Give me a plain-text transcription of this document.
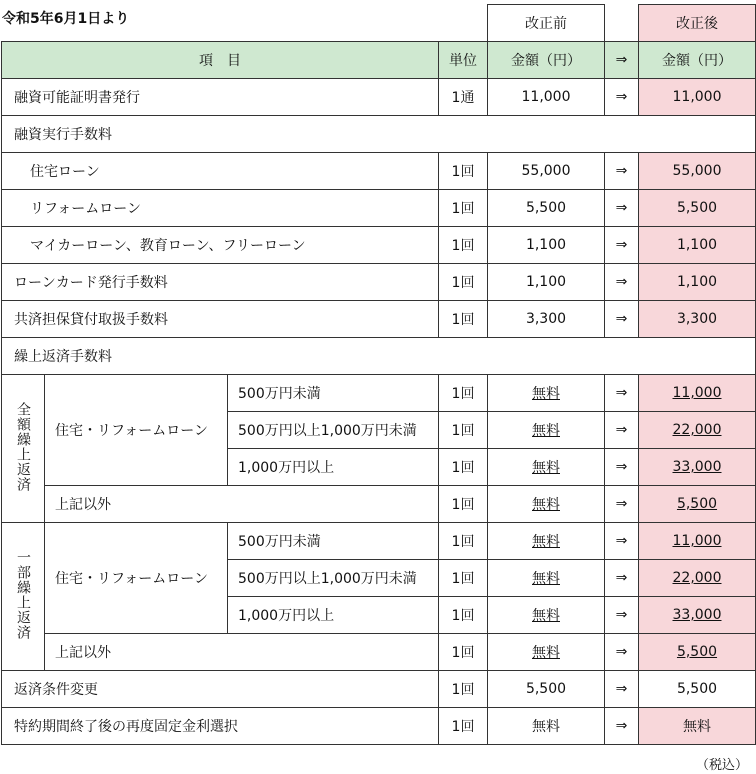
				改正前		改正後
項　目			単位	金額（円）	⇒	金額（円）
融資可能証明書発行			1通	11,000	⇒	11,000
融資実行手数料						
住宅ローン			1回	55,000	⇒	55,000
リフォームローン			1回	5,500	⇒	5,500
マイカーローン、教育ローン、フリーローン			1回	1,100	⇒	1,100
ローンカード発行手数料			1回	1,100	⇒	1,100
共済担保貸付取扱手数料			1回	3,300	⇒	3,300
繰上返済手数料						
全額繰上返済	住宅・リフォームローン	500万円未満	1回	無料	⇒	11,000
		500万円以上1,000万円未満	1回	無料	⇒	22,000
		1,000万円以上	1回	無料	⇒	33,000
	上記以外		1回	無料	⇒	5,500
一部繰上返済	住宅・リフォームローン	500万円未満	1回	無料	⇒	11,000
		500万円以上1,000万円未満	1回	無料	⇒	22,000
		1,000万円以上	1回	無料	⇒	33,000
	上記以外		1回	無料	⇒	5,500
返済条件変更			1回	5,500	⇒	5,500
特約期間終了後の再度固定金利選択			1回	無料	⇒	無料
令和5年6月1日より
（税込）
